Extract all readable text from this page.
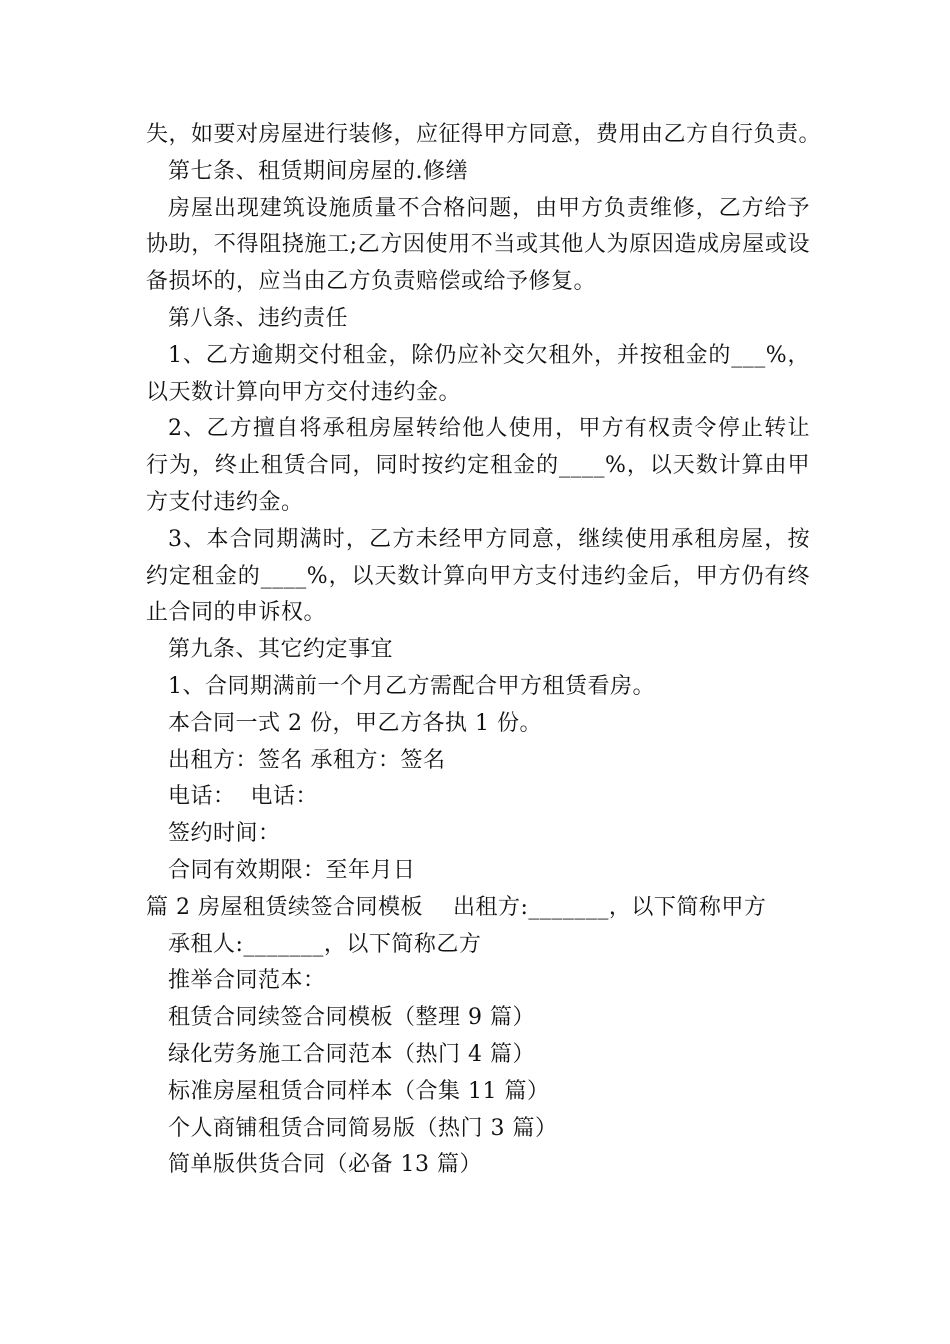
失，如要对房屋进行装修，应征得甲方同意，费用由乙方自行负责。
第七条、租赁期间房屋的.修缮
房屋出现建筑设施质量不合格问题，由甲方负责维修，乙方给予协助，不得阻挠施工;乙方因使用不当或其他人为原因造成房屋或设备损坏的，应当由乙方负责赔偿或给予修复。
第八条、违约责任
1、乙方逾期交付租金，除仍应补交欠租外，并按租金的___%，以天数计算向甲方交付违约金。
2、乙方擅自将承租房屋转给他人使用，甲方有权责令停止转让行为，终止租赁合同，同时按约定租金的____%，以天数计算由甲方支付违约金。
3、本合同期满时，乙方未经甲方同意，继续使用承租房屋，按约定租金的____%，以天数计算向甲方支付违约金后，甲方仍有终止合同的申诉权。
第九条、其它约定事宜
1、合同期满前一个月乙方需配合甲方租赁看房。
本合同一式 2 份，甲乙方各执 1 份。
出租方：签名 承租方：签名
电话：  电话：
签约时间：
合同有效期限：至年月日
篇 2 房屋租赁续签合同模板    出租方:_______，以下简称甲方
承租人:_______，以下简称乙方
推举合同范本：
租赁合同续签合同模板（整理 9 篇）
绿化劳务施工合同范本（热门 4 篇）
标准房屋租赁合同样本（合集 11 篇）
个人商铺租赁合同简易版（热门 3 篇）
简单版供货合同（必备 13 篇）
